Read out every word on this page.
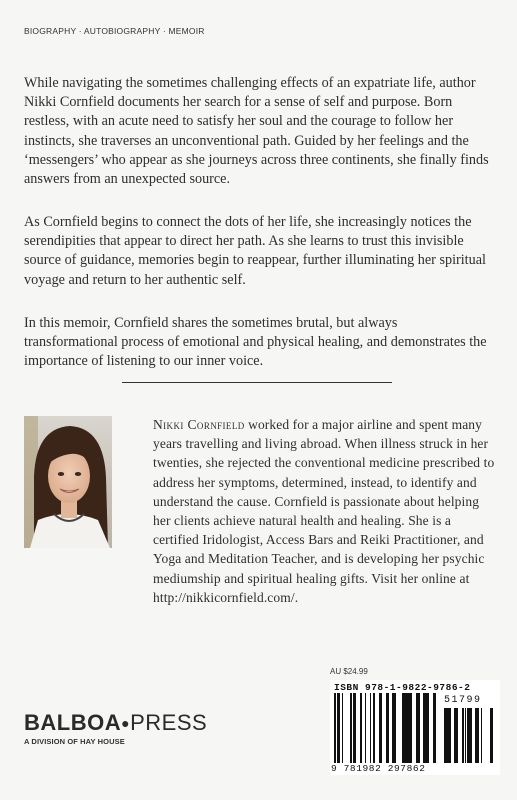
BIOGRAPHY · AUTOBIOGRAPHY · MEMOIR

While navigating the sometimes challenging effects of an expatriate life, author Nikki Cornfield documents her search for a sense of self and purpose. Born restless, with an acute need to satisfy her soul and the courage to follow her instincts, she traverses an unconventional path. Guided by her feelings and the ‘messengers’ who appear as she journeys across three continents, she finally finds answers from an unexpected source.

As Cornfield begins to connect the dots of her life, she increasingly notices the serendipities that appear to direct her path. As she learns to trust this invisible source of guidance, memories begin to reappear, further illuminating her spiritual voyage and return to her authentic self.

In this memoir, Cornfield shares the sometimes brutal, but always transformational process of emotional and physical healing, and demonstrates the importance of listening to our inner voice.

Nikki Cornfield worked for a major airline and spent many years travelling and living abroad. When illness struck in her twenties, she rejected the conventional medicine prescribed to address her symptoms, determined, instead, to identify and understand the cause. Cornfield is passionate about helping her clients achieve natural health and healing. She is a certified Iridologist, Access Bars and Reiki Practitioner, and Yoga and Meditation Teacher, and is developing her psychic mediumship and spiritual healing gifts. Visit her online at http://nikkicornfield.com/.

BALBOA●PRESS
A DIVISION OF HAY HOUSE
AU $24.99
ISBN 978-1-9822-9786-2
51799
9 781982 297862
